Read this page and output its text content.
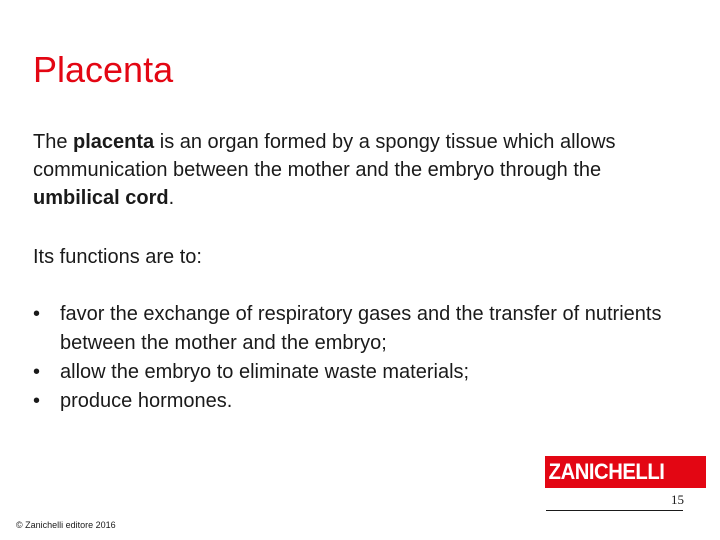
Placenta

The placenta is an organ formed by a spongy tissue which allows communication between the mother and the embryo through the umbilical cord.

Its functions are to:

• favor the exchange of respiratory gases and the transfer of nutrients between the mother and the embryo;
• allow the embryo to eliminate waste materials;
• produce hormones.
ZANICHELLI
15
© Zanichelli editore 2016
